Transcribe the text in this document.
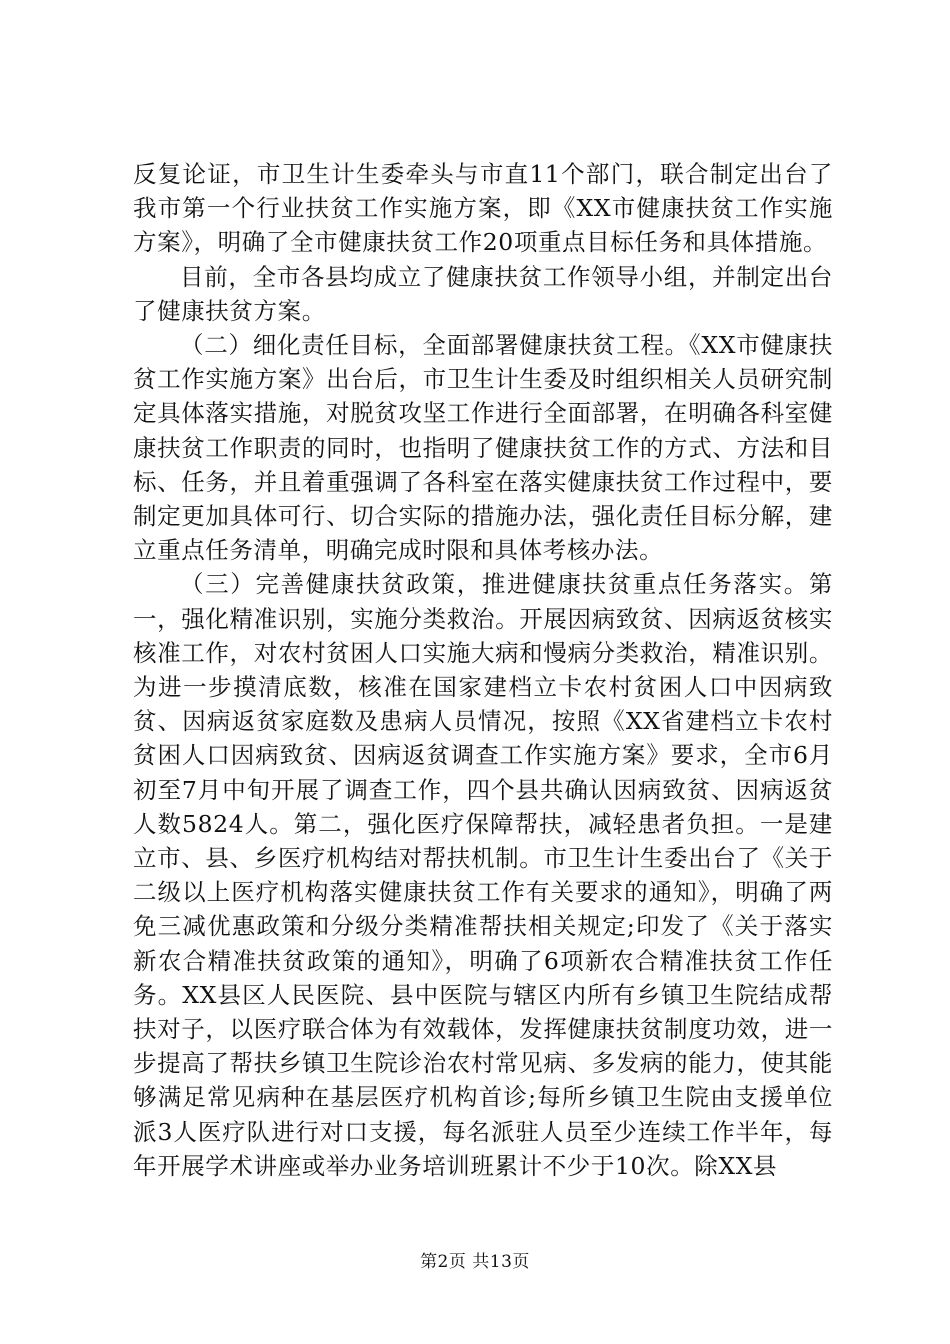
反复论证，市卫生计生委牵头与市直11个部门，联合制定出台了我市第一个行业扶贫工作实施方案，即《XX市健康扶贫工作实施方案》，明确了全市健康扶贫工作20项重点目标任务和具体措施。

目前，全市各县均成立了健康扶贫工作领导小组，并制定出台了健康扶贫方案。

（二）细化责任目标，全面部署健康扶贫工程。《XX市健康扶贫工作实施方案》出台后，市卫生计生委及时组织相关人员研究制定具体落实措施，对脱贫攻坚工作进行全面部署，在明确各科室健康扶贫工作职责的同时，也指明了健康扶贫工作的方式、方法和目标、任务，并且着重强调了各科室在落实健康扶贫工作过程中，要制定更加具体可行、切合实际的措施办法，强化责任目标分解，建立重点任务清单，明确完成时限和具体考核办法。

（三）完善健康扶贫政策，推进健康扶贫重点任务落实。第一，强化精准识别，实施分类救治。开展因病致贫、因病返贫核实核准工作，对农村贫困人口实施大病和慢病分类救治，精准识别。为进一步摸清底数，核准在国家建档立卡农村贫困人口中因病致贫、因病返贫家庭数及患病人员情况，按照《XX省建档立卡农村贫困人口因病致贫、因病返贫调查工作实施方案》要求，全市6月初至7月中旬开展了调查工作，四个县共确认因病致贫、因病返贫人数5824人。第二，强化医疗保障帮扶，减轻患者负担。一是建立市、县、乡医疗机构结对帮扶机制。市卫生计生委出台了《关于二级以上医疗机构落实健康扶贫工作有关要求的通知》，明确了两免三减优惠政策和分级分类精准帮扶相关规定;印发了《关于落实新农合精准扶贫政策的通知》，明确了6项新农合精准扶贫工作任务。XX县区人民医院、县中医院与辖区内所有乡镇卫生院结成帮扶对子，以医疗联合体为有效载体，发挥健康扶贫制度功效，进一步提高了帮扶乡镇卫生院诊治农村常见病、多发病的能力，使其能够满足常见病种在基层医疗机构首诊;每所乡镇卫生院由支援单位派3人医疗队进行对口支援，每名派驻人员至少连续工作半年，每年开展学术讲座或举办业务培训班累计不少于10次。除XX县

第2页 共13页
